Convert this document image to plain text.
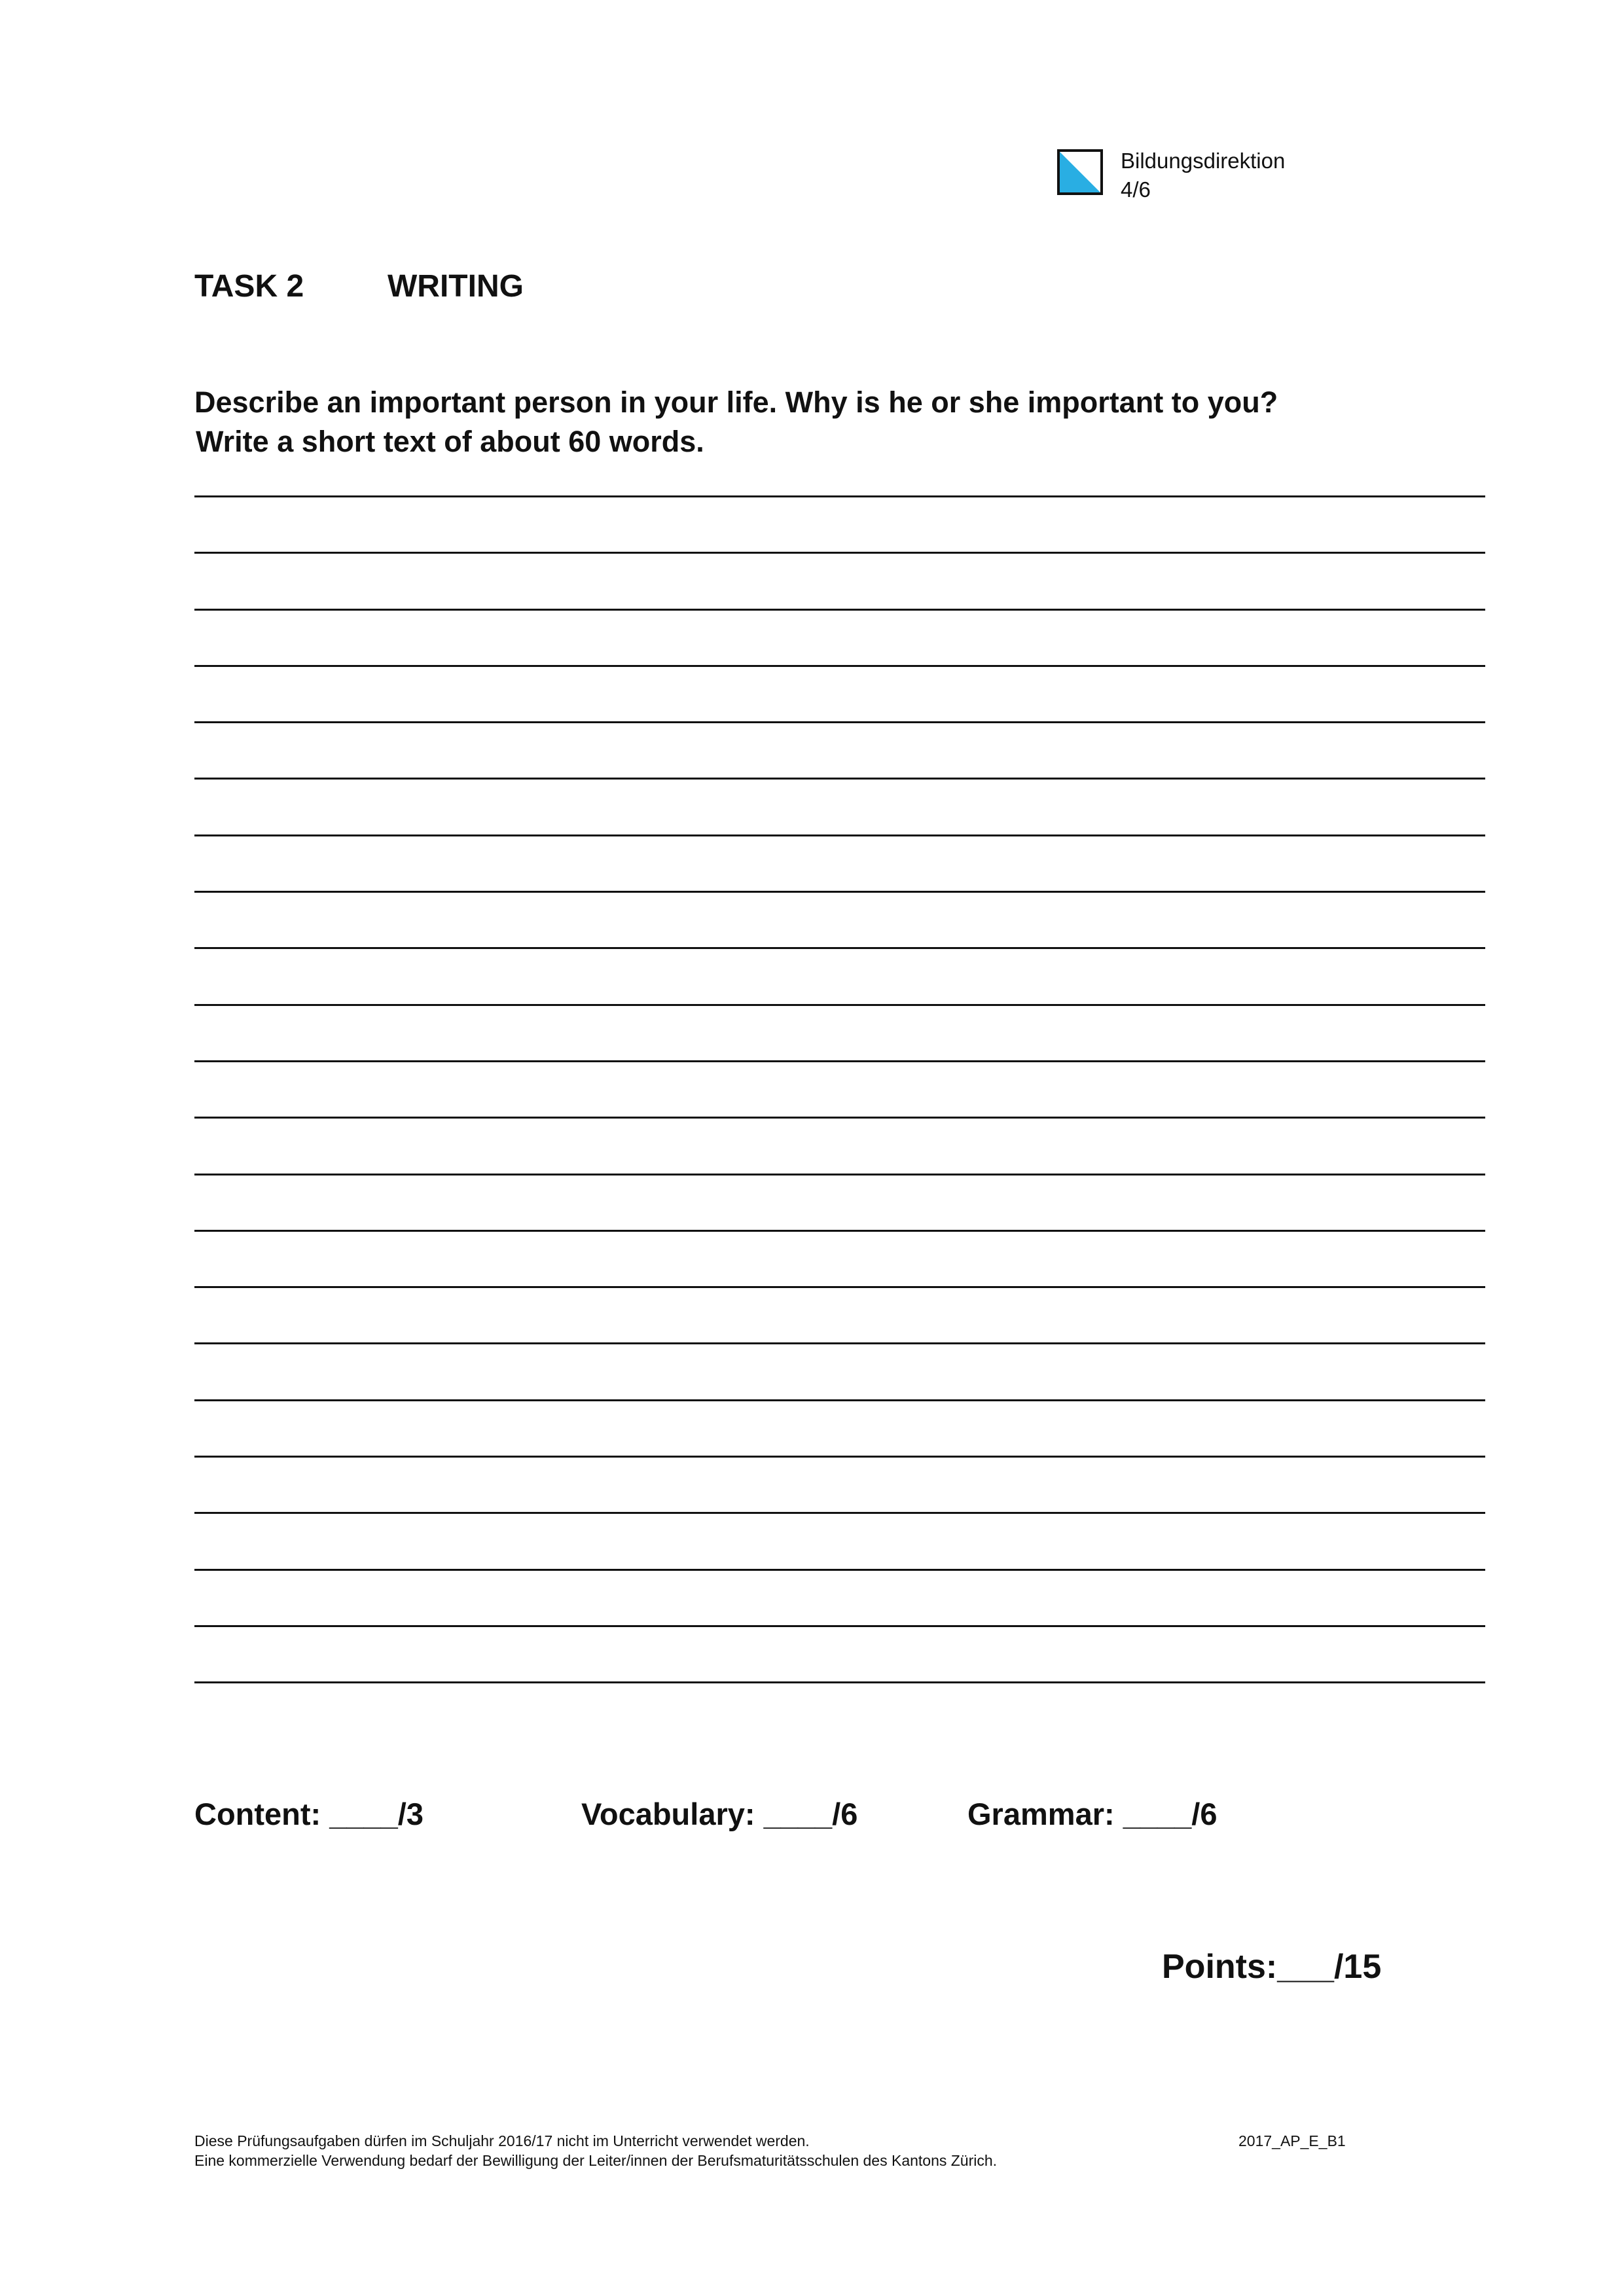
Bildungsdirektion
4/6
TASK 2	WRITING
Describe an important person in your life. Why is he or she important to you?
Write a short text of about 60 words.
Content: ____/3	Vocabulary: ____/6	Grammar: ____/6
Points:___/15
Diese Prüfungsaufgaben dürfen im Schuljahr 2016/17 nicht im Unterricht verwendet werden.
Eine kommerzielle Verwendung bedarf der Bewilligung der Leiter/innen der Berufsmaturitätsschulen des Kantons Zürich.
2017_AP_E_B1
